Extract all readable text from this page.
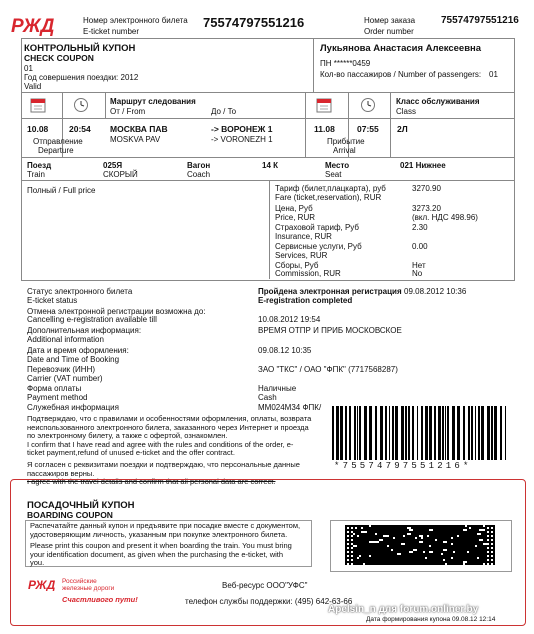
РЖД	Номер электронного билета
E-ticket number
75574797551216	Номер заказа
Order number
75574797551216
КОНТРОЛЬНЫЙ КУПОН
CHECK COUPON
01
Год совершения поездки: 2012
Valid
Лукьянова Анастасия Алексеевна
ПН ******0459
Кол-во пассажиров / Number of passengers: 01
Маршрут следования
От / From	До / To
Класс обслуживания
Class
10.08 20:54 МОСКВА ПАВ
MOSKVA PAV
-> ВОРОНЕЖ 1
-> VORONEZH 1
11.08	07:55 2Л
Отправление
Departure
Прибытие
Arrival
Поезд
Train
025Я
СКОРЫЙ
Вагон
Coach
14 К	Место
Seat
021 Нижнее
Полный / Full price	Тариф (билет,плацкарта), руб
Fare (ticket,reservation), RUR
3270.90
Цена, Руб
Price, RUR
3273.20
(вкл. НДС 498.96)
Страховой тариф, Руб
Insurance, RUR
2.30
Сервисные услуги, Руб
Services, RUR
0.00
Сборы, Руб
Commission, RUR
Нет
No
Статус электронного билета
E-ticket status
Пройдена электронная регистрация 09.08.2012 10:36
E-registration completed
Отмена электронной регистрации возможна до:
Cancelling e-registration available till	10.08.2012 19:54
Дополнительная информация:
Additional information
ВРЕМЯ ОТПР И ПРИБ МОСКОВСКОЕ
Дата и время оформления:
Date and Time of Booking
09.08.12 10:35
Перевозчик (ИНН)
Carrier (VAT number)
ЗАО "ТКС" / ОАО "ФПК" (7717568287)
Форма оплаты
Payment method
Наличные
Cash
Служебная информация	ММ024М34 ФПК/
Подтверждаю, что с правилами и особенностями оформления, оплаты, возврата
неиспользованного электронного билета, заказанного через Интернет и проезда
по электронному билету, а также с офертой, ознакомлен.
I confirm that I have read and agree with the rules and conditions of the order, e-
ticket payment,refund of unused e-ticket and the offer contract.
Я согласен с реквизитами поездки и подтверждаю, что персональные данные
пассажиров верны.
I agree with the travel details and confirm that all personal data are correct.
*75574797551216*
ПОСАДОЧНЫЙ КУПОН
BOARDING COUPON
Распечатайте данный купон и предъявите при посадке вместе с документом,
удостоверяющим личность, указанным при покупке электронного билета.
Please print this coupon and present it when boarding the train. You must bring
your identification document, as given when the purchasing the e-ticket, with
you.
РЖД Российские
железные дороги
Счастливого пути!
Веб-ресурс ООО"УФС"
телефон службы поддержки: (495) 642-63-66
Apelsin_n для forum.onliner.by
Дата формирования купона 09.08.12 12:14
